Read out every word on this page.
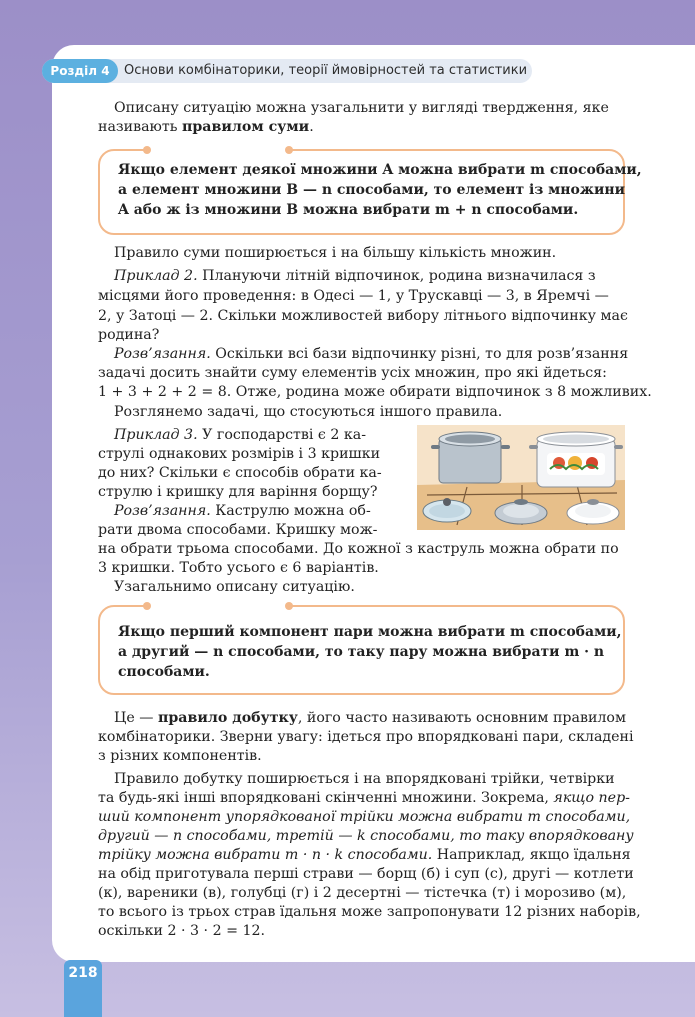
Розділ 4	Основи комбінаторики, теорії ймовірностей та статистики
Описану ситуацію можна узагальнити у вигляді твердження, яке
називають правилом суми.
Якщо елемент деякої множини A можна вибрати m способами,
а елемент множини B — n способами, то елемент із множини
A або ж із множини B можна вибрати m + n способами.
Правило суми поширюється і на більшу кількість множин.
Приклад 2. Плануючи літній відпочинок, родина визначилася з
місцями його проведення: в Одесі — 1, у Трускавці — 3, в Яремчі —
2, у Затоці — 2. Скільки можливостей вибору літнього відпочинку має
родина?
Розв’язання. Оскільки всі бази відпочинку різні, то для розв’язання
задачі досить знайти суму елементів усіх множин, про які йдеться:
1 + 3 + 2 + 2 = 8. Отже, родина може обирати відпочинок з 8 можливих.
Розглянемо задачі, що стосуються іншого правила.
Приклад 3. У господарстві є 2 ка-
стрyлі однакових розмірів і 3 кришки
до них? Скільки є способів обрати ка-
струлю і кришку для варіння борщу?
Розв’язання. Каструлю можна об-
рати двома способами. Кришку мож-
на обрати трьома способами. До кожної з каструль можна обрати по
3 кришки. Тобто усього є 6 варіантів.
Узагальнимо описану ситуацію.
Якщо перший компонент пари можна вибрати m способами,
а другий — n способами, то таку пару можна вибрати m · n
способами.
Це — правило добутку, його часто називають основним правилом
комбінаторики. Зверни увагу: ідеться про впорядковані пари, складені
з різних компонентів.
Правило добутку поширюється і на впорядковані трійки, четвірки
та будь-які інші впорядковані скінченні множини. Зокрема, якщо пер-
ший компонент упорядкованої трійки можна вибрати m способами,
другий — n способами, третій — k способами, то таку впорядковану
трійку можна вибрати m · n · k способами. Наприклад, якщо їдальня
на обід приготувала перші страви — борщ (б) і суп (с), другі — котлети
(к), вареники (в), голубці (г) і 2 десертні — тістечка (т) і морозиво (м),
то всього із трьох страв їдальня може запропонувати 12 різних наборів,
оскільки 2 · 3 · 2 = 12.
218
